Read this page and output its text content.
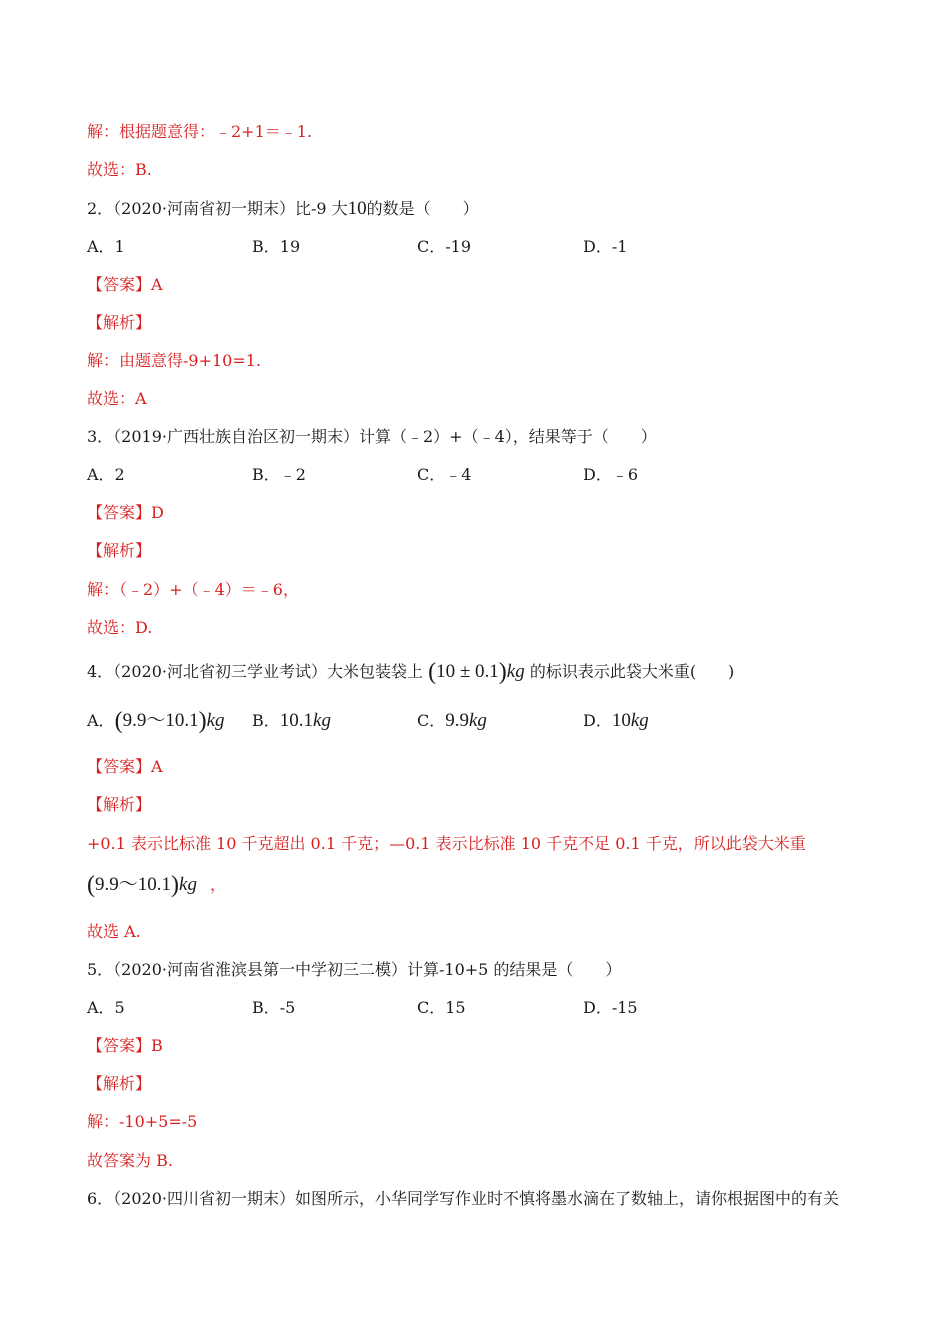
解：根据题意得：﹣2+1＝﹣1.
故选：B.
2．（2020·河南省初一期末）比-9 大10的数是（　　）
A．1	B．19	C．-19	D．-1
【答案】A
【解析】
解：由题意得-9+10=1.
故选：A
3．（2019·广西壮族自治区初一期末）计算（﹣2）+（﹣4），结果等于（　　）
A．2	B．﹣2	C．﹣4	D．﹣6
【答案】D
【解析】
解：（﹣2）+（﹣4）＝﹣6，
故选：D.
4．（2020·河北省初三学业考试）大米包装袋上 (10 ± 0.1)kg 的标识表示此袋大米重(　　)
A．(9.9～10.1)kg B．10.1kg	C．9.9kg	D．10kg
【答案】A
【解析】
+0.1 表示比标准 10 千克超出 0.1 千克；—0.1 表示比标准 10 千克不足 0.1 千克，所以此袋大米重
(9.9～10.1)kg ，
故选 A.
5．（2020·河南省淮滨县第一中学初三二模）计算-10+5 的结果是（　　）
A．5	B．-5	C．15	D．-15
【答案】B
【解析】
解：-10+5=-5
故答案为 B.
6．（2020·四川省初一期末）如图所示，小华同学写作业时不慎将墨水滴在了数轴上，请你根据图中的有关
